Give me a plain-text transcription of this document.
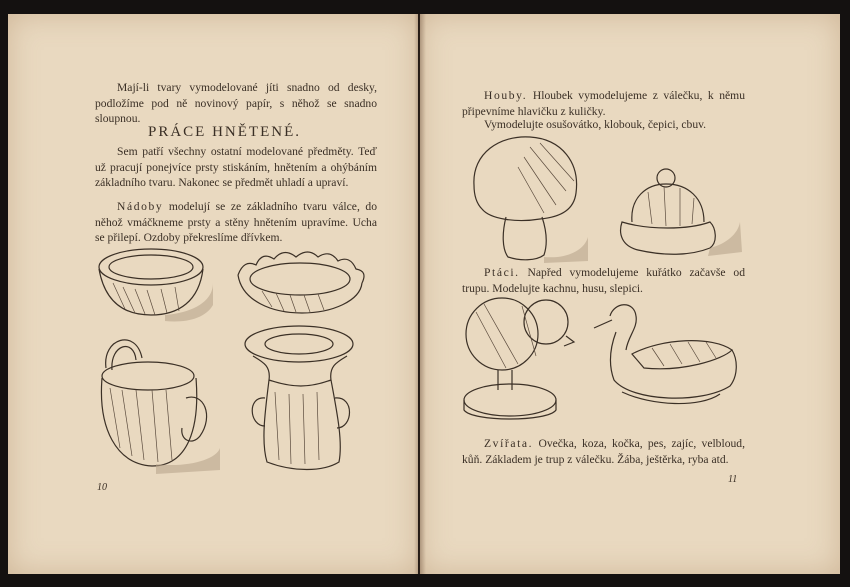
Mají-li tvary vymodelované jíti snadno od desky, podložíme pod ně novinový papír, s něhož se snadno sloupnou.

PRÁCE HNĚTENÉ.

Sem patří všechny ostatní modelované předměty. Teď už pracují ponejvíce prsty stiskáním, hnětením a ohýbáním základního tvaru. Nakonec se předmět uhladí a upraví.

Nádoby modelují se ze základního tvaru válce, do něhož vmáčkneme prsty a stěny hnětením upravíme. Ucha se přilepí. Ozdoby překreslíme dřívkem.

10

Houby. Hloubek vymodelujeme z válečku, k němu připevníme hlavičku z kuličky.

Vymodelujte osušovátko, klobouk, čepici, cbuv.

Ptáci. Napřed vymodelujeme kuřátko začavše od trupu. Modelujte kachnu, husu, slepici.

Zvířata. Ovečka, koza, kočka, pes, zajíc, velbloud, kůň. Základem je trup z válečku. Žába, ještěrka, ryba atd.

11
